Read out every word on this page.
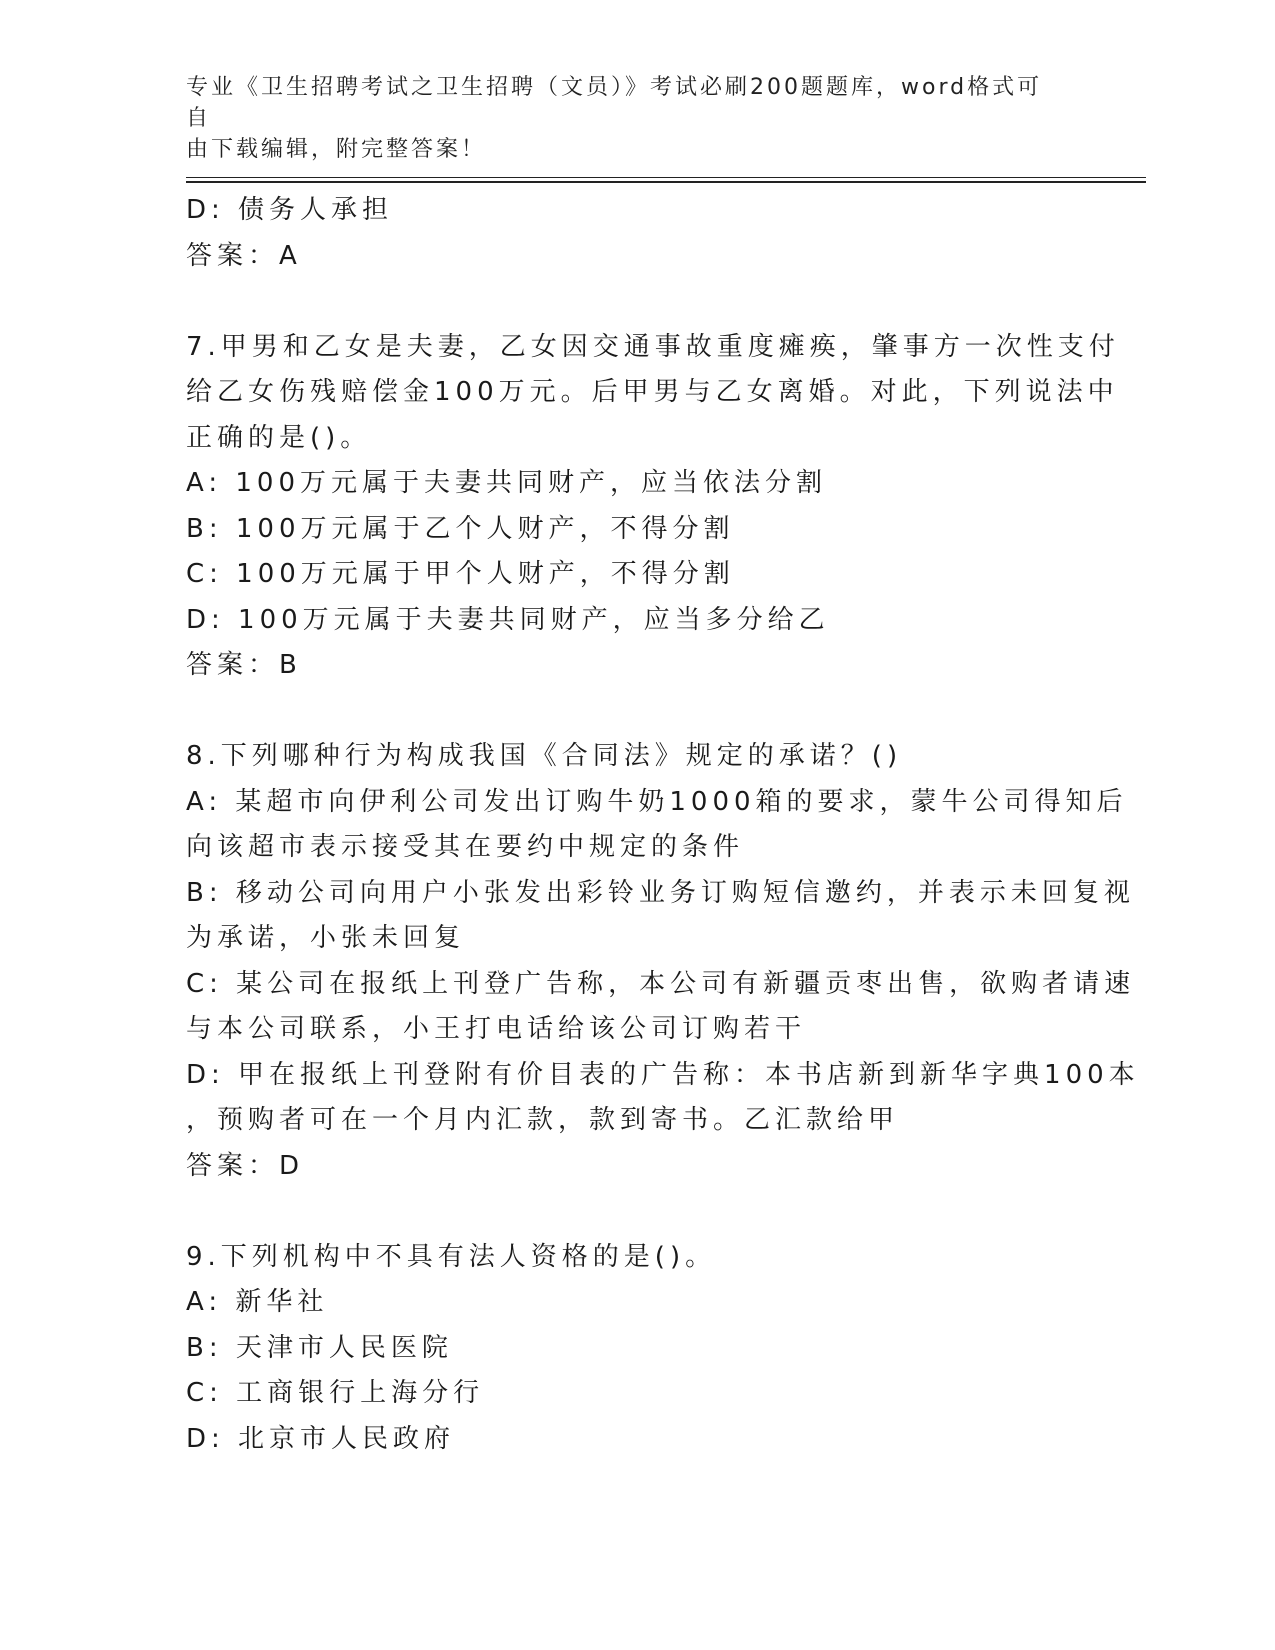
专业《卫生招聘考试之卫生招聘（文员）》考试必刷200题题库，word格式可自
由下载编辑，附完整答案！
D: 债务人承担
答案：A
7.甲男和乙女是夫妻，乙女因交通事故重度瘫痪，肇事方一次性支付
给乙女伤残赔偿金100万元。后甲男与乙女离婚。对此，下列说法中
正确的是()。
A: 100万元属于夫妻共同财产，应当依法分割
B: 100万元属于乙个人财产，不得分割
C: 100万元属于甲个人财产，不得分割
D: 100万元属于夫妻共同财产，应当多分给乙
答案：B
8.下列哪种行为构成我国《合同法》规定的承诺？()
A: 某超市向伊利公司发出订购牛奶1000箱的要求，蒙牛公司得知后
向该超市表示接受其在要约中规定的条件
B: 移动公司向用户小张发出彩铃业务订购短信邀约，并表示未回复视
为承诺，小张未回复
C: 某公司在报纸上刊登广告称，本公司有新疆贡枣出售，欲购者请速
与本公司联系，小王打电话给该公司订购若干
D: 甲在报纸上刊登附有价目表的广告称：本书店新到新华字典100本
，预购者可在一个月内汇款，款到寄书。乙汇款给甲
答案：D
9.下列机构中不具有法人资格的是()。
A: 新华社
B: 天津市人民医院
C: 工商银行上海分行
D: 北京市人民政府
